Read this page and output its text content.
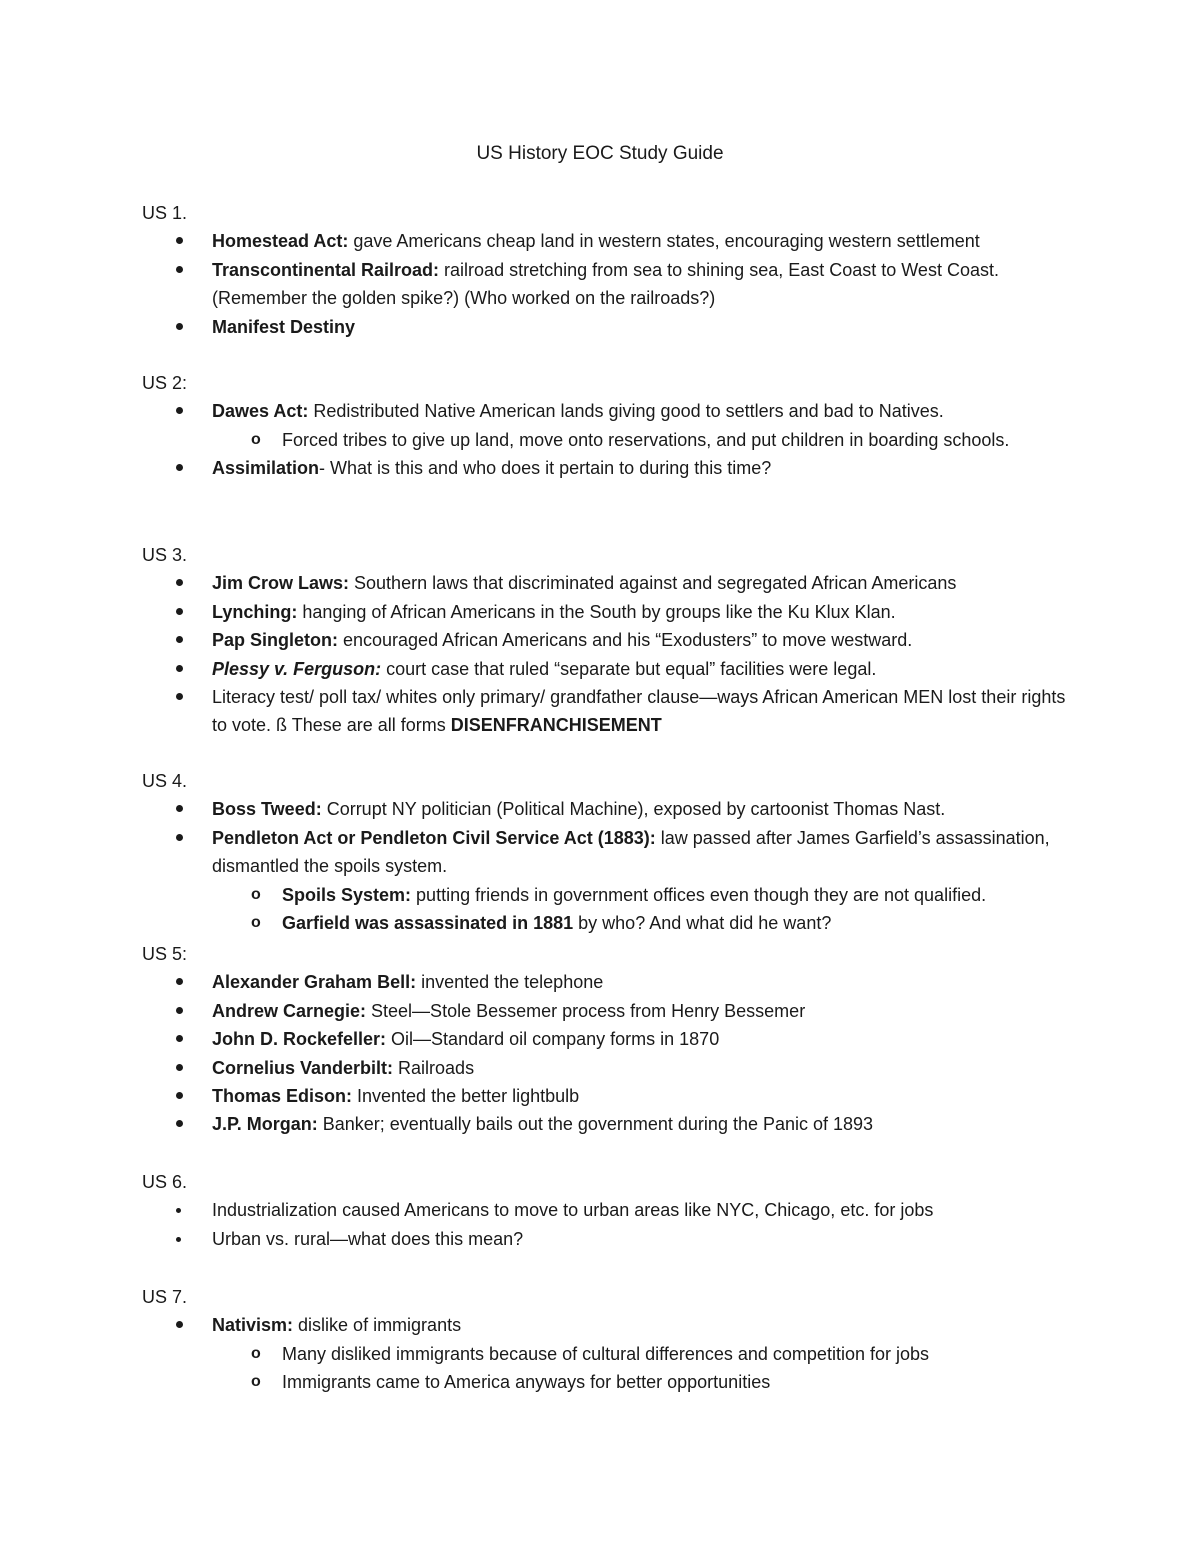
US History EOC Study Guide
US 1.
Homestead Act: gave Americans cheap land in western states, encouraging western settlement
Transcontinental Railroad: railroad stretching from sea to shining sea, East Coast to West Coast. (Remember the golden spike?) (Who worked on the railroads?)
Manifest Destiny
US 2:
Dawes Act: Redistributed Native American lands giving good to settlers and bad to Natives.
o Forced tribes to give up land, move onto reservations, and put children in boarding schools.
Assimilation- What is this and who does it pertain to during this time?
US 3.
Jim Crow Laws: Southern laws that discriminated against and segregated African Americans
Lynching: hanging of African Americans in the South by groups like the Ku Klux Klan.
Pap Singleton: encouraged African Americans and his “Exodusters” to move westward.
Plessy v. Ferguson: court case that ruled “separate but equal” facilities were legal.
Literacy test/ poll tax/ whites only primary/ grandfather clause—ways African American MEN lost their rights to vote. ß These are all forms DISENFRANCHISEMENT
US 4.
Boss Tweed: Corrupt NY politician (Political Machine), exposed by cartoonist Thomas Nast.
Pendleton Act or Pendleton Civil Service Act (1883): law passed after James Garfield’s assassination, dismantled the spoils system.
o Spoils System: putting friends in government offices even though they are not qualified.
o Garfield was assassinated in 1881 by who? And what did he want?
US 5:
Alexander Graham Bell: invented the telephone
Andrew Carnegie: Steel—Stole Bessemer process from Henry Bessemer
John D. Rockefeller: Oil—Standard oil company forms in 1870
Cornelius Vanderbilt: Railroads
Thomas Edison: Invented the better lightbulb
J.P. Morgan: Banker; eventually bails out the government during the Panic of 1893
US 6.
Industrialization caused Americans to move to urban areas like NYC, Chicago, etc. for jobs
Urban vs. rural—what does this mean?
US 7.
Nativism: dislike of immigrants
o Many disliked immigrants because of cultural differences and competition for jobs
o Immigrants came to America anyways for better opportunities
